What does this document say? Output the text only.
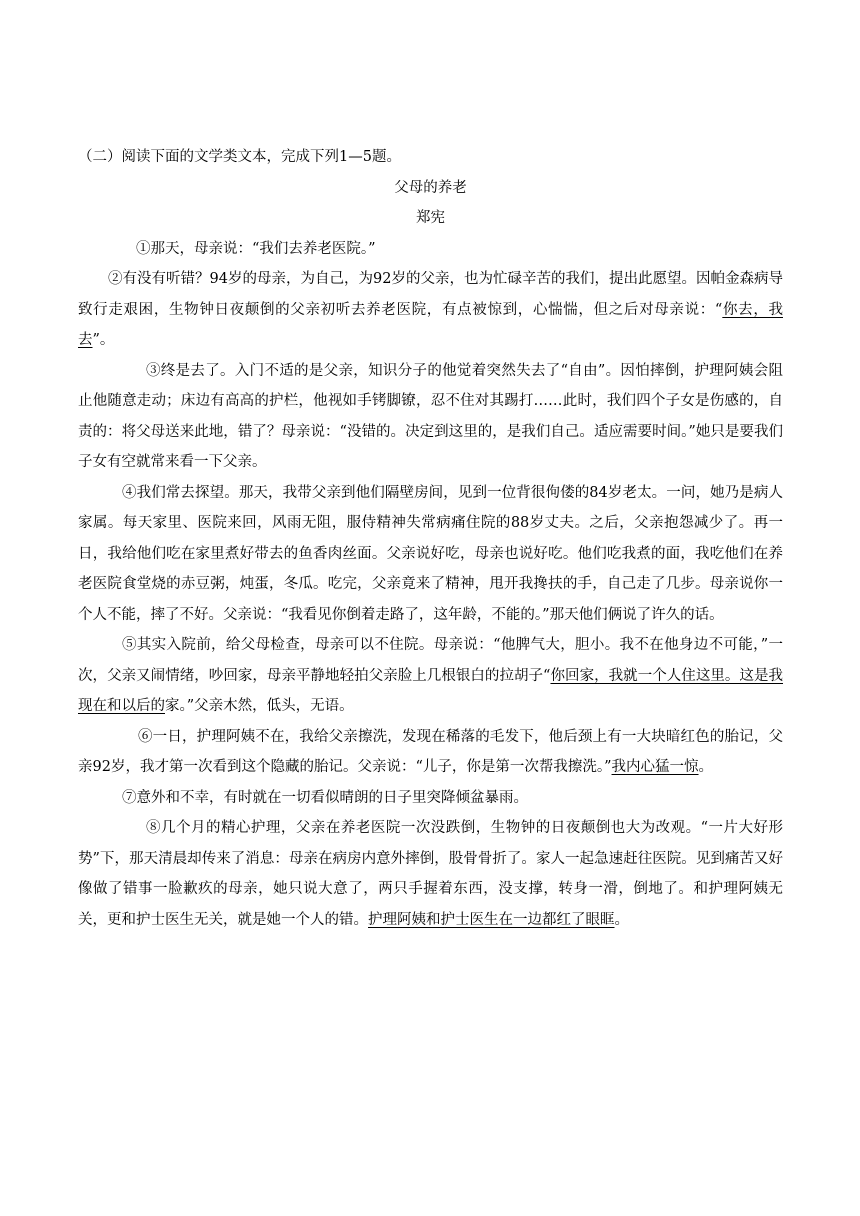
（二）阅读下面的文学类文本，完成下列1—5题。

父母的养老

郑宪

①那天，母亲说：“我们去养老医院。”

②有没有听错？94岁的母亲，为自己，为92岁的父亲，也为忙碌辛苦的我们，提出此愿望。因帕金森病导致行走艰困，生物钟日夜颠倒的父亲初听去养老医院，有点被惊到，心惴惴，但之后对母亲说：“你去，我去”。

③终是去了。入门不适的是父亲，知识分子的他觉着突然失去了“自由”。因怕摔倒，护理阿姨会阻止他随意走动；床边有高高的护栏，他视如手铐脚镣，忍不住对其踢打……此时，我们四个子女是伤感的，自责的：将父母送来此地，错了？母亲说：“没错的。决定到这里的，是我们自己。适应需要时间。”她只是要我们子女有空就常来看一下父亲。

④我们常去探望。那天，我带父亲到他们隔壁房间，见到一位背很佝偻的84岁老太。一问，她乃是病人家属。每天家里、医院来回，风雨无阻，服侍精神失常病痛住院的88岁丈夫。之后，父亲抱怨减少了。再一日，我给他们吃在家里煮好带去的鱼香肉丝面。父亲说好吃，母亲也说好吃。他们吃我煮的面，我吃他们在养老医院食堂烧的赤豆粥，炖蛋，冬瓜。吃完，父亲竟来了精神，甩开我搀扶的手，自己走了几步。母亲说你一个人不能，摔了不好。父亲说：“我看见你倒着走路了，这年龄，不能的。”那天他们俩说了许久的话。

⑤其实入院前，给父母检查，母亲可以不住院。母亲说：“他脾气大，胆小。我不在他身边不可能，”一次，父亲又闹情绪，吵回家，母亲平静地轻拍父亲脸上几根银白的拉胡子“你回家，我就一个人住这里。这是我现在和以后的家。”父亲木然，低头，无语。

⑥一日，护理阿姨不在，我给父亲擦洗，发现在稀落的毛发下，他后颈上有一大块暗红色的胎记，父亲92岁，我才第一次看到这个隐藏的胎记。父亲说：“儿子，你是第一次帮我擦洗。”我内心猛一惊。

⑦意外和不幸，有时就在一切看似晴朗的日子里突降倾盆暴雨。

⑧几个月的精心护理，父亲在养老医院一次没跌倒，生物钟的日夜颠倒也大为改观。“一片大好形势”下，那天清晨却传来了消息：母亲在病房内意外摔倒，股骨骨折了。家人一起急速赶往医院。见到痛苦又好像做了错事一脸歉疚的母亲，她只说大意了，两只手握着东西，没支撑，转身一滑，倒地了。和护理阿姨无关，更和护士医生无关，就是她一个人的错。护理阿姨和护士医生在一边都红了眼眶。
